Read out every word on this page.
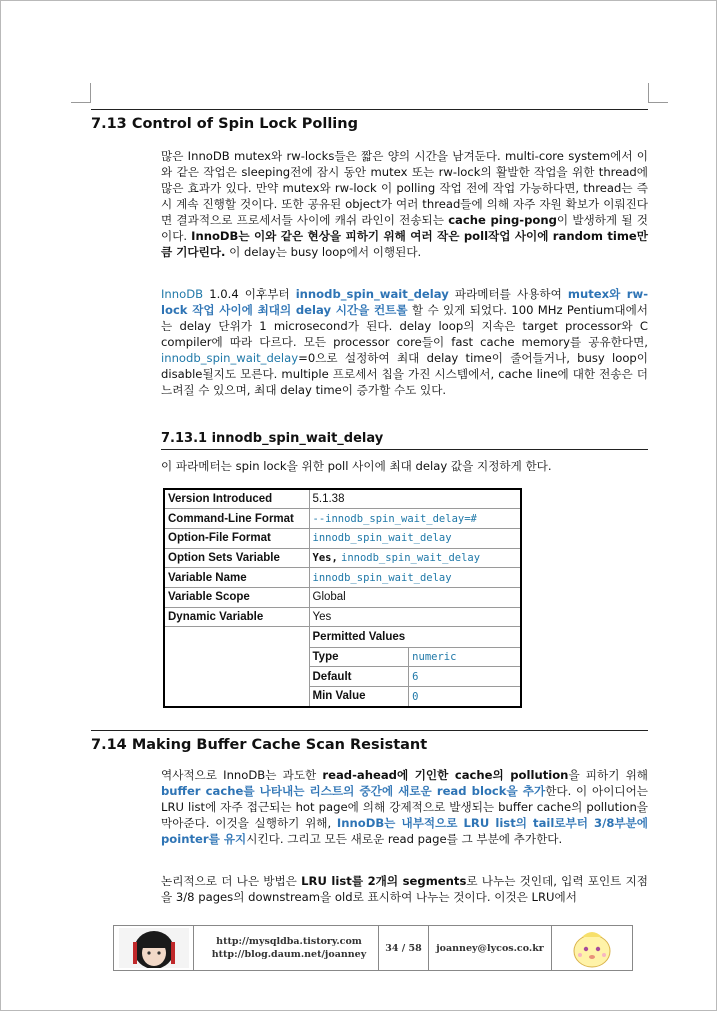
7.13 Control of Spin Lock Polling
많은 InnoDB mutex와 rw-locks들은 짧은 양의 시간을 남겨둔다. multi-core system에서 이와 같은 작업은 sleeping전에 잠시 동안 mutex 또는 rw-lock의 활발한 작업을 위한 thread에 많은 효과가 있다. 만약 mutex와 rw-lock 이 polling 작업 전에 작업 가능하다면, thread는 즉시 계속 진행할 것이다. 또한 공유된 object가 여러 thread들에 의해 자주 자원 확보가 이뤄진다면 결과적으로 프로세서들 사이에 캐쉬 라인이 전송되는 cache ping-pong이 발생하게 될 것이다. InnoDB는 이와 같은 현상을 피하기 위해 여러 작은 poll작업 사이에 random time만큼 기다린다. 이 delay는 busy loop에서 이행된다.
InnoDB 1.0.4 이후부터 innodb_spin_wait_delay 파라메터를 사용하여 mutex와 rw-lock 작업 사이에 최대의 delay 시간을 컨트롤 할 수 있게 되었다. 100 MHz Pentium대에서는 delay 단위가 1 microsecond가 된다. delay loop의 지속은 target processor와 C compiler에 따라 다르다. 모든 processor core들이 fast cache memory를 공유한다면, innodb_spin_wait_delay=0으로 설정하여 최대 delay time이 줄어들거나, busy loop이 disable될지도 모른다. multiple 프로세서 칩을 가진 시스템에서, cache line에 대한 전송은 더 느려질 수 있으며, 최대 delay time이 증가할 수도 있다.
7.13.1 innodb_spin_wait_delay
이 파라메터는 spin lock을 위한 poll 사이에 최대 delay 값을 지정하게 한다.
Version Introduced	5.1.38
Command-Line Format	--innodb_spin_wait_delay=#
Option-File Format	innodb_spin_wait_delay
Option Sets Variable	Yes, innodb_spin_wait_delay
Variable Name	innodb_spin_wait_delay
Variable Scope	Global
Dynamic Variable	Yes

Permitted Values
Type	numeric
Default	6
Min Value	0
7.14 Making Buffer Cache Scan Resistant
역사적으로 InnoDB는 과도한 read-ahead에 기인한 cache의 pollution을 피하기 위해 buffer cache를 나타내는 리스트의 중간에 새로운 read block을 추가한다. 이 아이디어는 LRU list에 자주 접근되는 hot page에 의해 강제적으로 발생되는 buffer cache의 pollution을 막아준다. 이것을 실행하기 위해, InnoDB는 내부적으로 LRU list의 tail로부터 3/8부분에 pointer를 유지시킨다. 그리고 모든 새로운 read page를 그 부분에 추가한다.
논리적으로 더 나은 방법은 LRU list를 2개의 segments로 나누는 것인데, 입력 포인트 지점을 3/8 pages의 downstream을 old로 표시하여 나누는 것이다. 이것은 LRU에서
http://mysqldba.tistory.com
http://blog.daum.net/joanney
34 / 58	joanney@lycos.co.kr
